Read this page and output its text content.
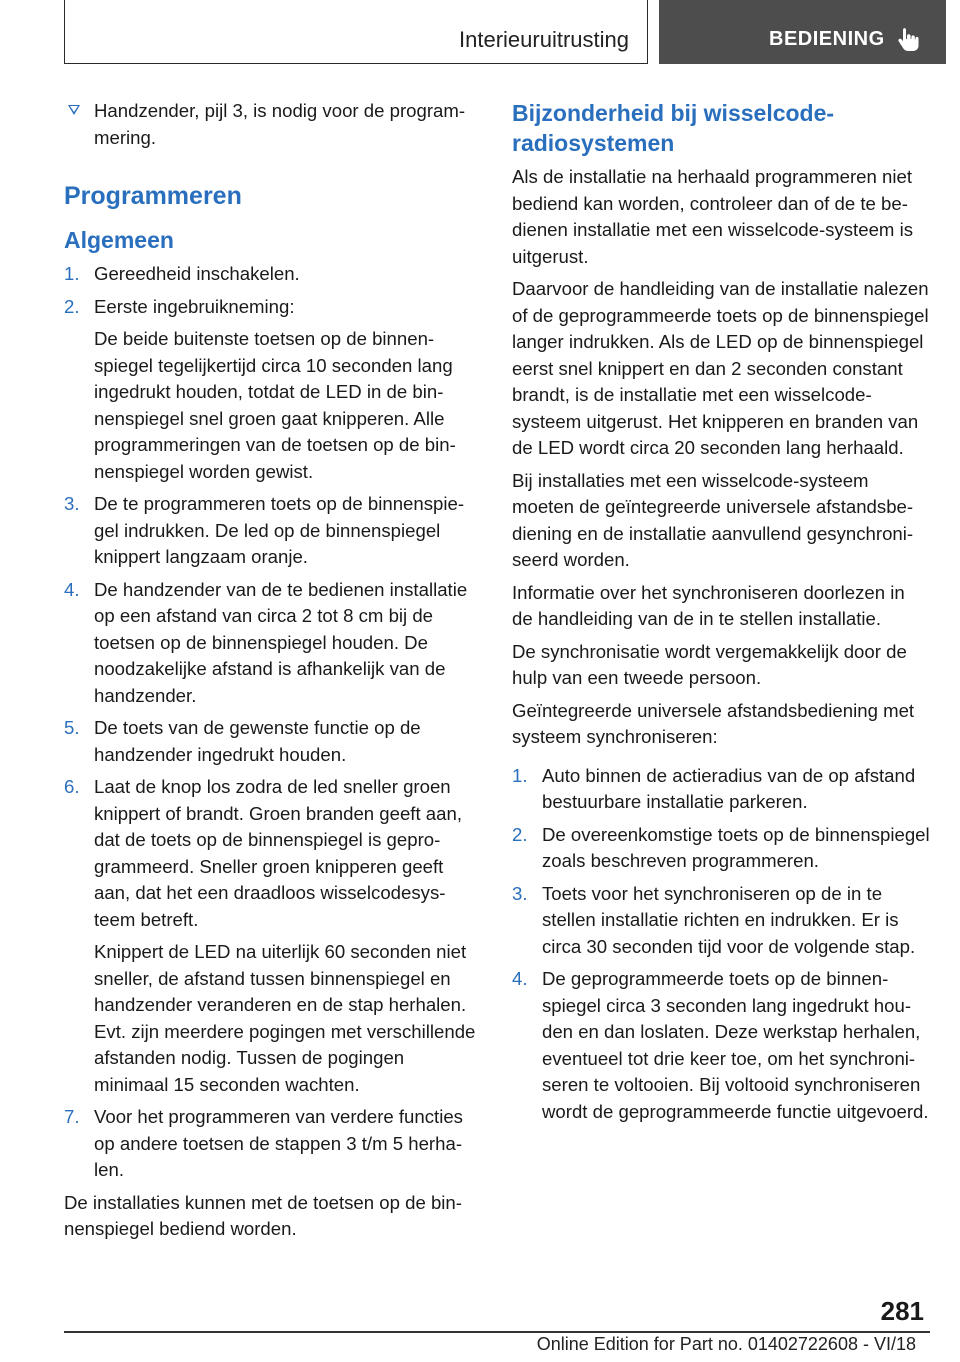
Interieuruitrusting	BEDIENING
Handzender, pijl 3, is nodig voor de programmering.
Programmeren
Algemeen
1. Gereedheid inschakelen.
2. Eerste ingebruikneming:
De beide buitenste toetsen op de binnenspiegel tegelijkertijd circa 10 seconden lang ingedrukt houden, totdat de LED in de binnenspiegel snel groen gaat knipperen. Alle programmeringen van de toetsen op de binnenspiegel worden gewist.
3. De te programmeren toets op de binnenspiegel indrukken. De led op de binnenspiegel knippert langzaam oranje.
4. De handzender van de te bedienen installatie op een afstand van circa 2 tot 8 cm bij de toetsen op de binnenspiegel houden. De noodzakelijke afstand is afhankelijk van de handzender.
5. De toets van de gewenste functie op de handzender ingedrukt houden.
6. Laat de knop los zodra de led sneller groen knippert of brandt. Groen branden geeft aan, dat de toets op de binnenspiegel is geprogrammeerd. Sneller groen knipperen geeft aan, dat het een draadloos wisselcodesysteem betreft.
Knippert de LED na uiterlijk 60 seconden niet sneller, de afstand tussen binnenspiegel en handzender veranderen en de stap herhalen. Evt. zijn meerdere pogingen met verschillende afstanden nodig. Tussen de pogingen minimaal 15 seconden wachten.
7. Voor het programmeren van verdere functies op andere toetsen de stappen 3 t/m 5 herhalen.

De installaties kunnen met de toetsen op de binnenspiegel bediend worden.

Bijzonderheid bij wisselcoderadiosystemen

Als de installatie na herhaald programmeren niet bediend kan worden, controleer dan of de te bedienen installatie met een wisselcode-systeem is uitgerust.

Daarvoor de handleiding van de installatie nalezen of de geprogrammeerde toets op de binnenspiegel langer indrukken. Als de LED op de binnenspiegel eerst snel knippert en dan 2 seconden constant brandt, is de installatie met een wisselcode-systeem uitgerust. Het knipperen en branden van de LED wordt circa 20 seconden lang herhaald.

Bij installaties met een wisselcode-systeem moeten de geïntegreerde universele afstandsbediening en de installatie aanvullend gesynchroniseerd worden.

Informatie over het synchroniseren doorlezen in de handleiding van de in te stellen installatie.

De synchronisatie wordt vergemakkelijk door de hulp van een tweede persoon.

Geïntegreerde universele afstandsbediening met systeem synchroniseren:

1. Auto binnen de actieradius van de op afstand bestuurbare installatie parkeren.
2. De overeenkomstige toets op de binnenspiegel zoals beschreven programmeren.
3. Toets voor het synchroniseren op de in te stellen installatie richten en indrukken. Er is circa 30 seconden tijd voor de volgende stap.
4. De geprogrammeerde toets op de binnenspiegel circa 3 seconden lang ingedrukt houden en dan loslaten. Deze werkstap herhalen, eventueel tot drie keer toe, om het synchroniseren te voltooien. Bij voltooid synchroniseren wordt de geprogrammeerde functie uitgevoerd.
281
Online Edition for Part no. 01402722608 - VI/18
